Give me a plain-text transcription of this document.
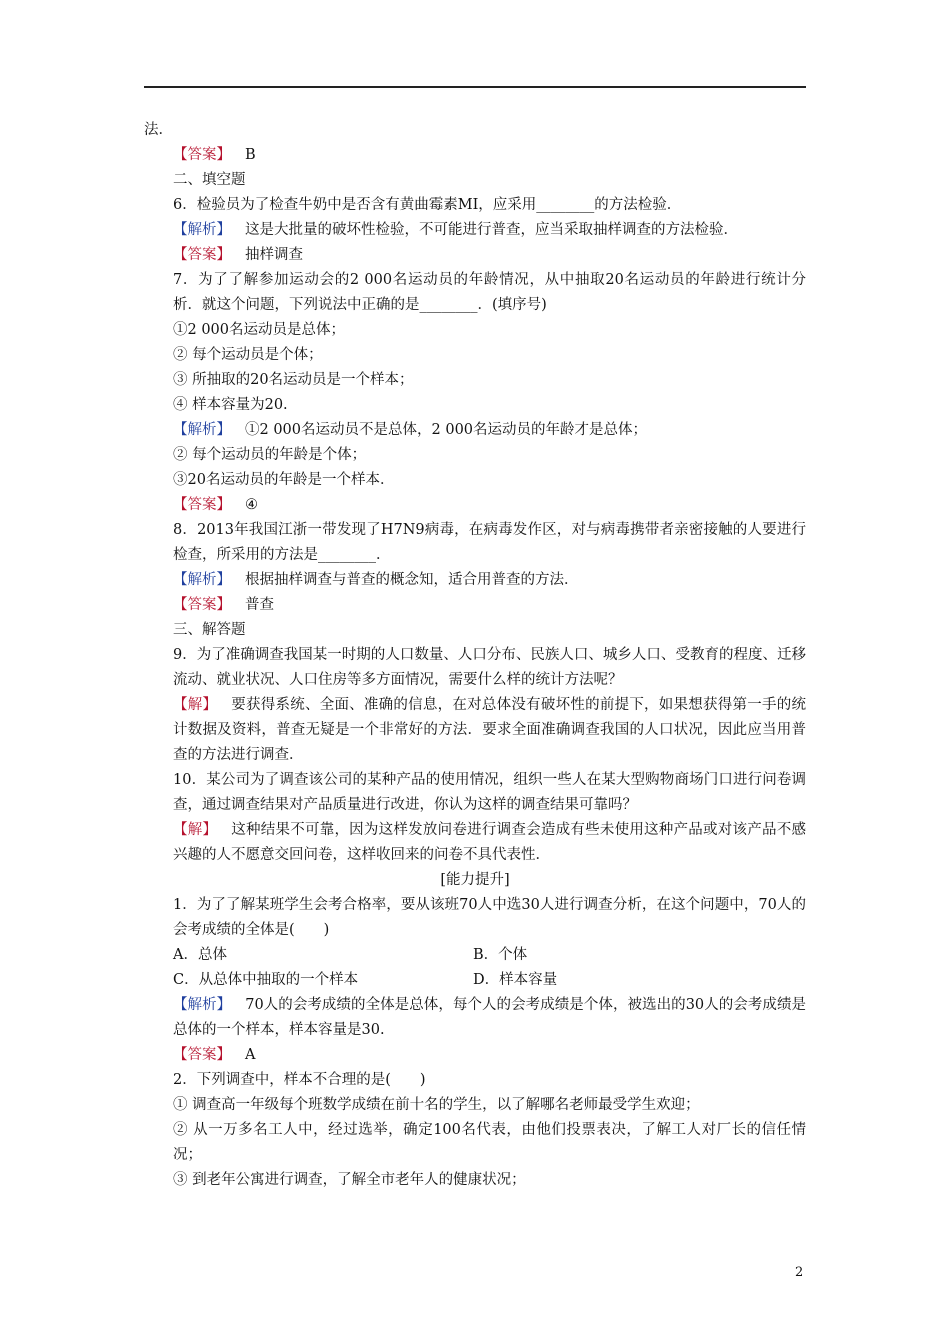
法．

【答案】 B

二、填空题

6．检验员为了检查牛奶中是否含有黄曲霉素MI，应采用________的方法检验．

【解析】 这是大批量的破坏性检验，不可能进行普查，应当采取抽样调查的方法检验．

【答案】 抽样调查

7．为了了解参加运动会的2 000名运动员的年龄情况，从中抽取20名运动员的年龄进行统计分析．就这个问题，下列说法中正确的是________．(填序号)

①2 000名运动员是总体；

② 每个运动员是个体；

③ 所抽取的20名运动员是一个样本；

④ 样本容量为20.

【解析】 ①2 000名运动员不是总体，2 000名运动员的年龄才是总体；

② 每个运动员的年龄是个体；

③20名运动员的年龄是一个样本．

【答案】 ④

8．2013年我国江浙一带发现了H7N9病毒，在病毒发作区，对与病毒携带者亲密接触的人要进行检查，所采用的方法是________．

【解析】 根据抽样调查与普查的概念知，适合用普查的方法．

【答案】 普查

三、解答题

9．为了准确调查我国某一时期的人口数量、人口分布、民族人口、城乡人口、受教育的程度、迁移流动、就业状况、人口住房等多方面情况，需要什么样的统计方法呢？

【解】 要获得系统、全面、准确的信息，在对总体没有破坏性的前提下，如果想获得第一手的统计数据及资料，普查无疑是一个非常好的方法．要求全面准确调查我国的人口状况，因此应当用普查的方法进行调查．

10．某公司为了调查该公司的某种产品的使用情况，组织一些人在某大型购物商场门口进行问卷调查，通过调查结果对产品质量进行改进，你认为这样的调查结果可靠吗？

【解】 这种结果不可靠，因为这样发放问卷进行调查会造成有些未使用这种产品或对该产品不感兴趣的人不愿意交回问卷，这样收回来的问卷不具代表性．

[能力提升]

1．为了了解某班学生会考合格率，要从该班70人中选30人进行调查分析，在这个问题中，70人的会考成绩的全体是(　　)

A．总体	B．个体

C．从总体中抽取的一个样本	D．样本容量

【解析】 70人的会考成绩的全体是总体，每个人的会考成绩是个体，被选出的30人的会考成绩是总体的一个样本，样本容量是30.

【答案】 A

2．下列调查中，样本不合理的是(　　)

① 调查高一年级每个班数学成绩在前十名的学生，以了解哪名老师最受学生欢迎；

② 从一万多名工人中，经过选举，确定100名代表，由他们投票表决，了解工人对厂长的信任情况；

③ 到老年公寓进行调查，了解全市老年人的健康状况；

2
